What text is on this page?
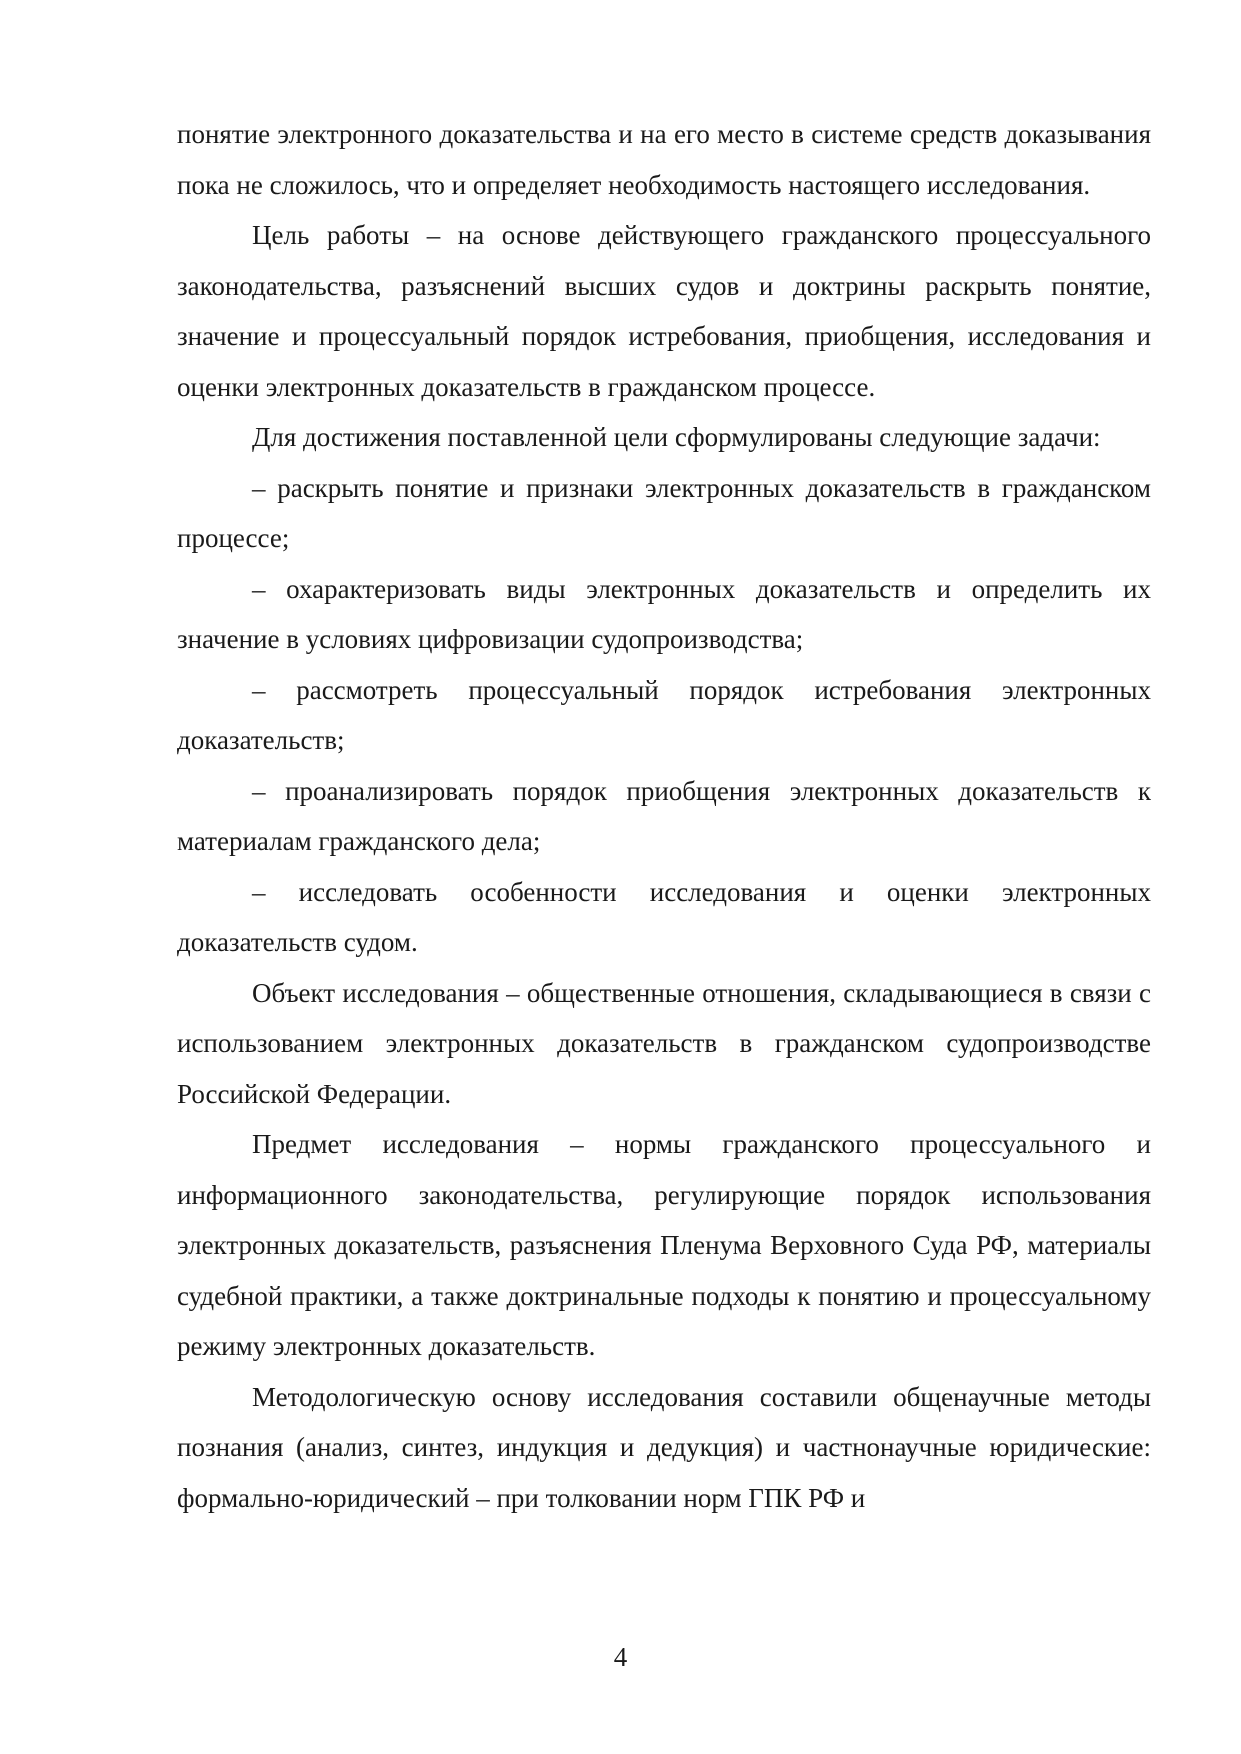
понятие электронного доказательства и на его место в системе средств доказывания пока не сложилось, что и определяет необходимость настоящего исследования.

Цель работы – на основе действующего гражданского процессуального законодательства, разъяснений высших судов и доктрины раскрыть понятие, значение и процессуальный порядок истребования, приобщения, исследования и оценки электронных доказательств в гражданском процессе.

Для достижения поставленной цели сформулированы следующие задачи:

– раскрыть понятие и признаки электронных доказательств в гражданском процессе;

– охарактеризовать виды электронных доказательств и определить их значение в условиях цифровизации судопроизводства;

– рассмотреть процессуальный порядок истребования электронных доказательств;

– проанализировать порядок приобщения электронных доказательств к материалам гражданского дела;

– исследовать особенности исследования и оценки электронных доказательств судом.

Объект исследования – общественные отношения, складывающиеся в связи с использованием электронных доказательств в гражданском судопроизводстве Российской Федерации.

Предмет исследования – нормы гражданского процессуального и информационного законодательства, регулирующие порядок использования электронных доказательств, разъяснения Пленума Верховного Суда РФ, материалы судебной практики, а также доктринальные подходы к понятию и процессуальному режиму электронных доказательств.

Методологическую основу исследования составили общенаучные методы познания (анализ, синтез, индукция и дедукция) и частнонаучные юридические: формально-юридический – при толковании норм ГПК РФ и

4
